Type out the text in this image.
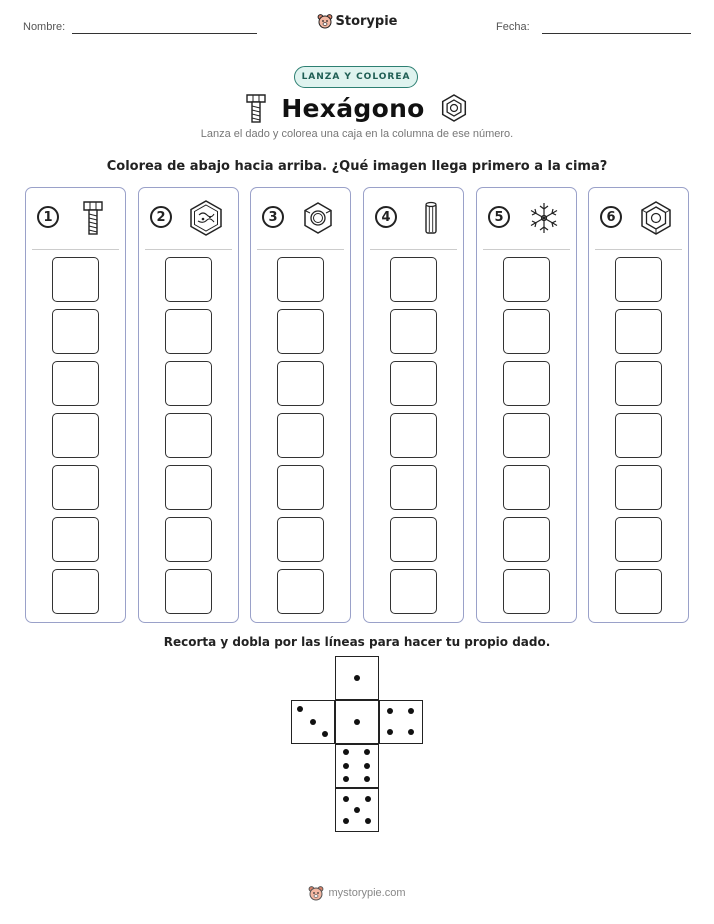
Nombre:	Storypie	Fecha:
LANZA Y COLOREA
Hexágono
Lanza el dado y colorea una caja en la columna de ese número.
Colorea de abajo hacia arriba. ¿Qué imagen llega primero a la cima?
1	2	3	4	5	6
Recorta y dobla por las líneas para hacer tu propio dado.
mystorypie.com
